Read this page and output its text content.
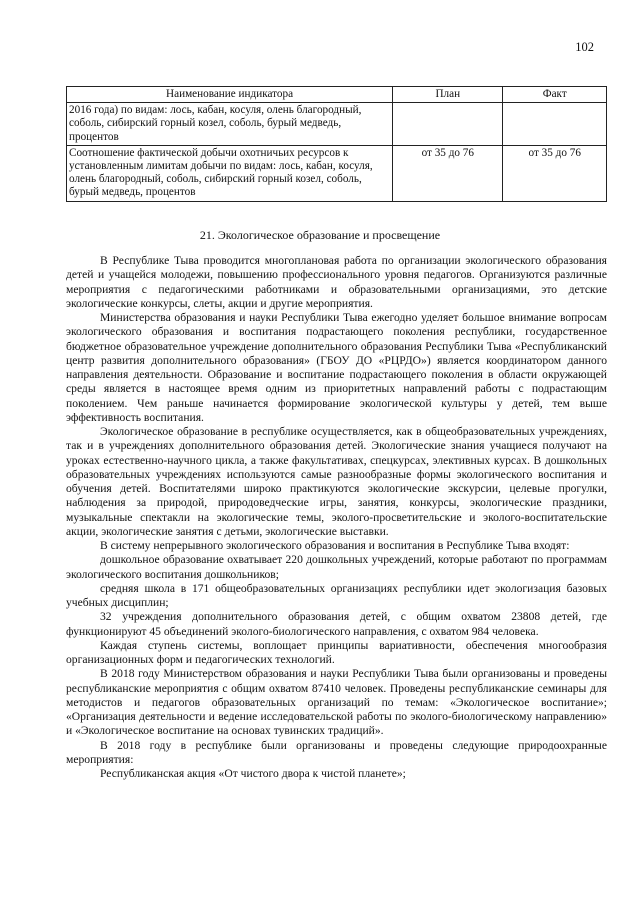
102
Наименование индикатора	План	Факт
2016 года) по видам: лось, кабан, косуля, олень благородный, соболь, сибирский горный козел, соболь, бурый медведь, процентов		
Соотношение фактической добычи охотничьих ресурсов к установленным лимитам добычи по видам: лось, кабан, косуля, олень благородный, соболь, сибирский горный козел, соболь, бурый медведь, процентов	от 35 до 76	от 35 до 76
21. Экологическое образование и просвещение

В Республике Тыва проводится многоплановая работа по организации экологического образования детей и учащейся молодежи, повышению профессионального уровня педагогов. Организуются различные мероприятия с педагогическими работниками и образовательными организациями, это детские экологические конкурсы, слеты, акции и другие мероприятия.

Министерства образования и науки Республики Тыва ежегодно уделяет большое внимание вопросам экологического образования и воспитания подрастающего поколения республики, государственное бюджетное образовательное учреждение дополнительного образования Республики Тыва «Республиканский центр развития дополнительного образования» (ГБОУ ДО «РЦРДО») является координатором данного направления деятельности. Образование и воспитание подрастающего поколения в области окружающей среды является в настоящее время одним из приоритетных направлений работы с подрастающим поколением. Чем раньше начинается формирование экологической культуры у детей, тем выше эффективность воспитания.

Экологическое образование в республике осуществляется, как в общеобразовательных учреждениях, так и в учреждениях дополнительного образования детей. Экологические знания учащиеся получают на уроках естественно-научного цикла, а также факультативах, спецкурсах, элективных курсах. В дошкольных образовательных учреждениях используются самые разнообразные формы экологического воспитания и обучения детей. Воспитателями широко практикуются экологические экскурсии, целевые прогулки, наблюдения за природой, природоведческие игры, занятия, конкурсы, экологические праздники, музыкальные спектакли на экологические темы, эколого-просветительские и эколого-воспитательские акции, экологические занятия с детьми, экологические выставки.

В систему непрерывного экологического образования и воспитания в Республике Тыва входят:

дошкольное образование охватывает 220 дошкольных учреждений, которые работают по программам экологического воспитания дошкольников;

средняя школа в 171 общеобразовательных организациях республики идет экологизация базовых учебных дисциплин;

32 учреждения дополнительного образования детей, с общим охватом 23808 детей, где функционируют 45 объединений эколого-биологического направления, с охватом 984 человека.

Каждая ступень системы, воплощает принципы вариативности, обеспечения многообразия организационных форм и педагогических технологий.

В 2018 году Министерством образования и науки Республики Тыва были организованы и проведены республиканские мероприятия с общим охватом 87410 человек. Проведены республиканские семинары для методистов и педагогов образовательных организаций по темам: «Экологическое воспитание»; «Организация деятельности и ведение исследовательской работы по эколого-биологическому направлению» и «Экологическое воспитание на основах тувинских традиций».

В 2018 году в республике были организованы и проведены следующие природоохранные мероприятия:

Республиканская акция «От чистого двора к чистой планете»;
